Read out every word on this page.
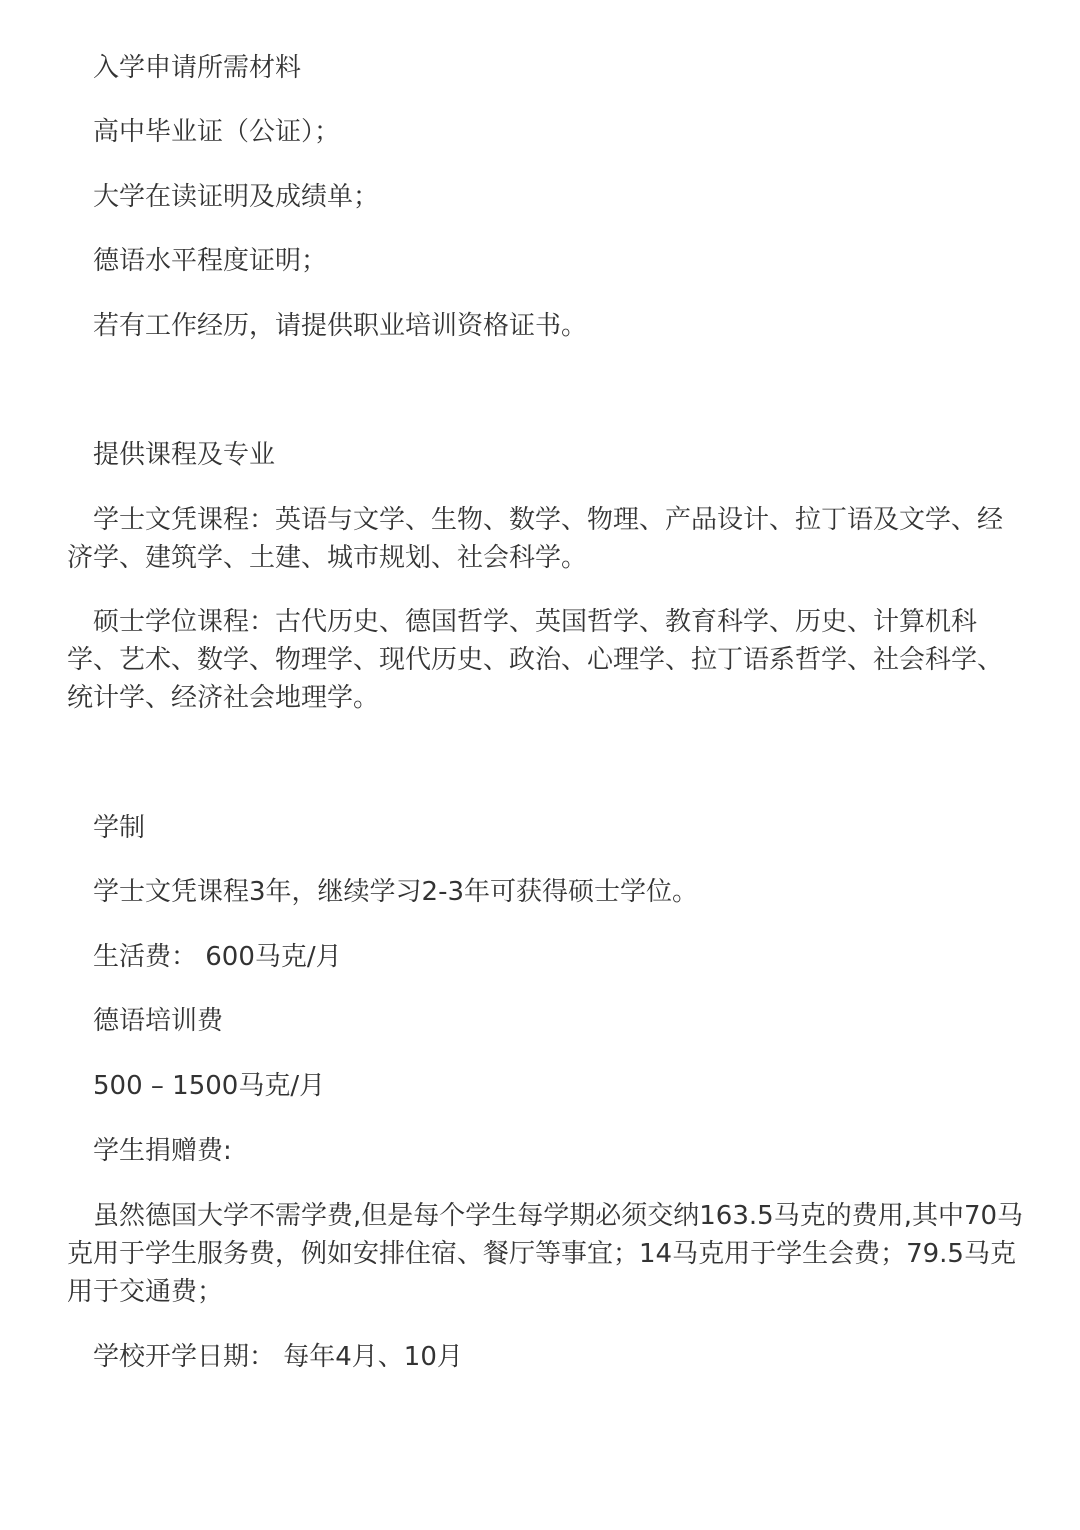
入学申请所需材料

高中毕业证（公证）；

大学在读证明及成绩单；

德语水平程度证明；

若有工作经历，请提供职业培训资格证书。

提供课程及专业

学士文凭课程：英语与文学、生物、数学、物理、产品设计、拉丁语及文学、经济学、建筑学、土建、城市规划、社会科学。

硕士学位课程：古代历史、德国哲学、英国哲学、教育科学、历史、计算机科学、艺术、数学、物理学、现代历史、政治、心理学、拉丁语系哲学、社会科学、统计学、经济社会地理学。

学制

学士文凭课程3年，继续学习2-3年可获得硕士学位。

生活费： 600马克/月

德语培训费

500 – 1500马克/月

学生捐赠费:

虽然德国大学不需学费,但是每个学生每学期必须交纳163.5马克的费用,其中70马克用于学生服务费，例如安排住宿、餐厅等事宜；14马克用于学生会费；79.5马克用于交通费；

学校开学日期： 每年4月、10月
